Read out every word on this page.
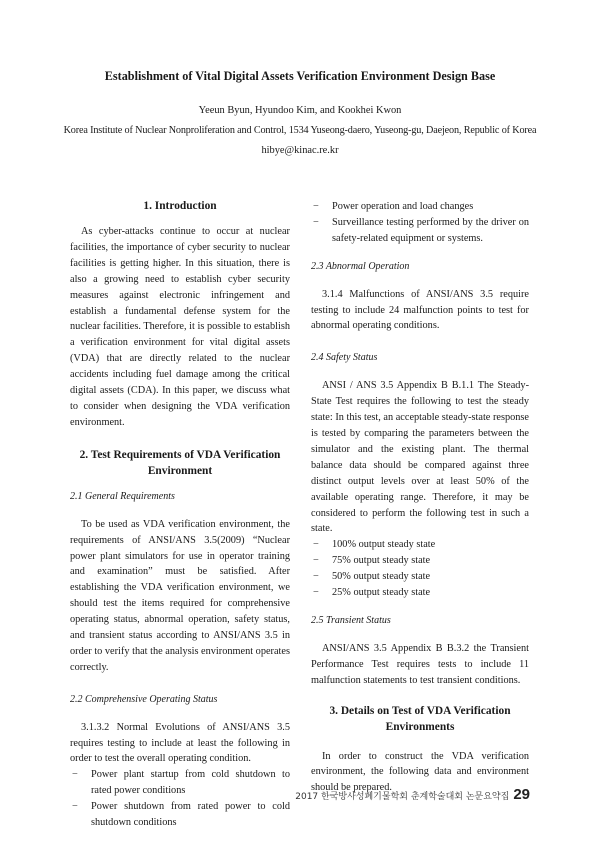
Establishment of Vital Digital Assets Verification Environment Design Base
Yeeun Byun, Hyundoo Kim, and Kookhei Kwon
Korea Institute of Nuclear Nonproliferation and Control, 1534 Yuseong-daero, Yuseong-gu, Daejeon, Republic of Korea
hibye@kinac.re.kr
1. Introduction

As cyber-attacks continue to occur at nuclear facilities, the importance of cyber security to nuclear facilities is getting higher. In this situation, there is also a growing need to establish cyber security measures against electronic infringement and establish a fundamental defense system for the nuclear facilities. Therefore, it is possible to establish a verification environment for vital digital assets (VDA) that are directly related to the nuclear accidents including fuel damage among the critical digital assets (CDA). In this paper, we discuss what to consider when designing the VDA verification environment.

2. Test Requirements of VDA Verification Environment
2.1 General Requirements

To be used as VDA verification environment, the requirements of ANSI/ANS 3.5(2009) “Nuclear power plant simulators for use in operator training and examination” must be satisfied. After establishing the VDA verification environment, we should test the items required for comprehensive operating status, abnormal operation, safety status, and transient status according to ANSI/ANS 3.5 in order to verify that the analysis environment operates correctly.

2.2 Comprehensive Operating Status

3.1.3.2 Normal Evolutions of ANSI/ANS 3.5 requires testing to include at least the following in order to test the overall operating condition.

− Power plant startup from cold shutdown to rated power conditions
− Power shutdown from rated power to cold shutdown conditions
− Power operation and load changes
− Surveillance testing performed by the driver on safety-related equipment or systems.
2.3 Abnormal Operation

3.1.4 Malfunctions of ANSI/ANS 3.5 require testing to include 24 malfunction points to test for abnormal operating conditions.

2.4 Safety Status

ANSI / ANS 3.5 Appendix B B.1.1 The Steady-State Test requires the following to test the steady state: In this test, an acceptable steady-state response is tested by comparing the parameters between the simulator and the existing plant. The thermal balance data should be compared against three distinct output levels over at least 50% of the available operating range. Therefore, it may be considered to perform the following test in such a state.

− 100% output steady state
− 75% output steady state
− 50% output steady state
− 25% output steady state
2.5 Transient Status

ANSI/ANS 3.5 Appendix B B.3.2 the Transient Performance Test requires tests to include 11 malfunction statements to test transient conditions.

3. Details on Test of VDA Verification Environments

In order to construct the VDA verification environment, the following data and environment should be prepared.

2017 한국방사성폐기물학회 춘계학술대회 논문요약집 29
